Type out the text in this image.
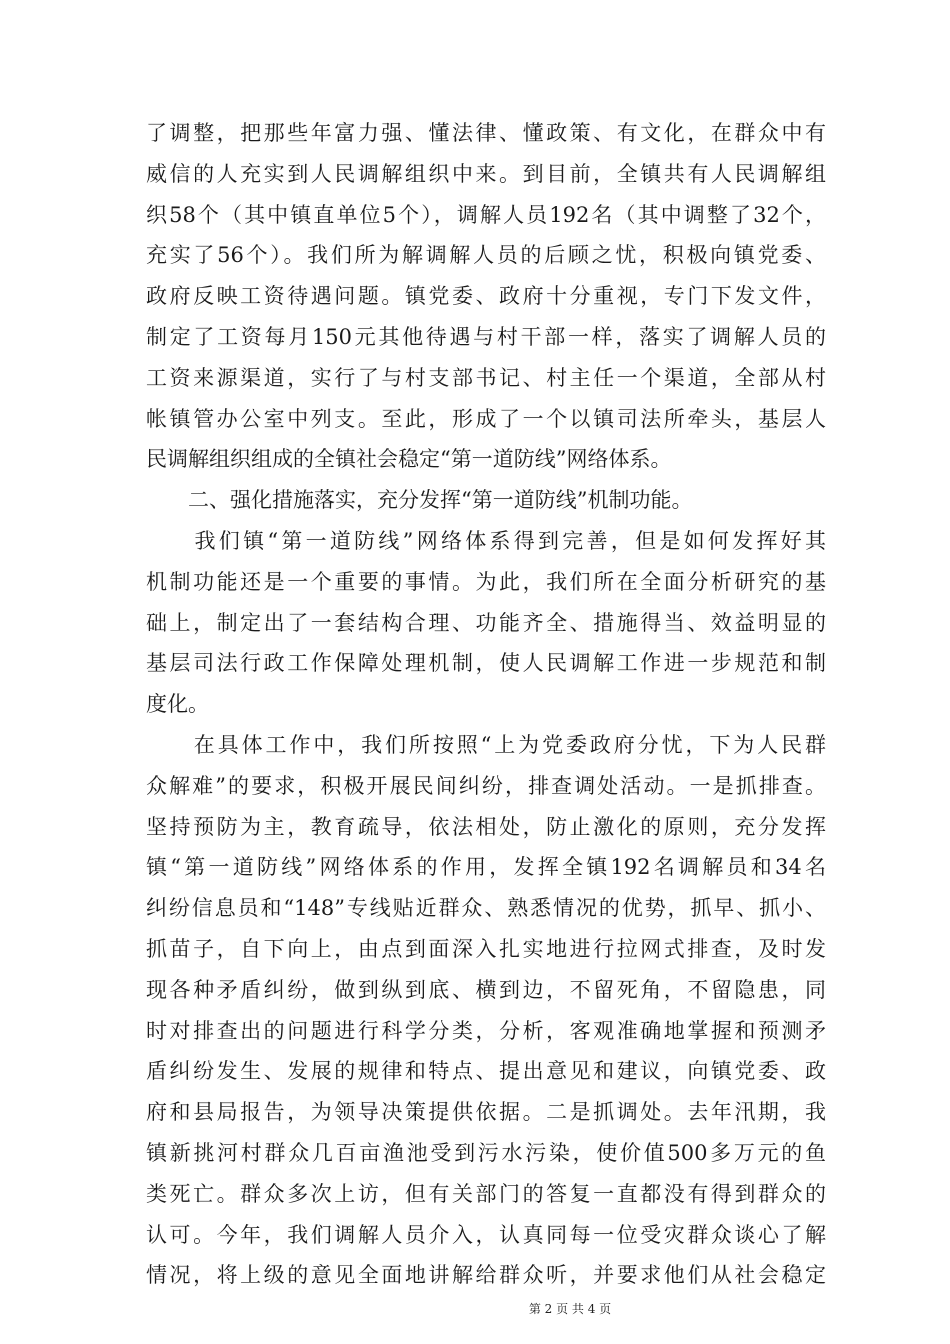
了调整，把那些年富力强、懂法律、懂政策、有文化，在群众中有
威信的人充实到人民调解组织中来。到目前，全镇共有人民调解组
织58个（其中镇直单位5个），调解人员192名（其中调整了32个，
充实了56个）。我们所为解调解人员的后顾之忧，积极向镇党委、
政府反映工资待遇问题。镇党委、政府十分重视，专门下发文件，
制定了工资每月150元其他待遇与村干部一样，落实了调解人员的
工资来源渠道，实行了与村支部书记、村主任一个渠道，全部从村
帐镇管办公室中列支。至此，形成了一个以镇司法所牵头，基层人
民调解组织组成的全镇社会稳定“第一道防线”网络体系。
　　二、强化措施落实，充分发挥“第一道防线”机制功能。
　　我们镇“第一道防线”网络体系得到完善，但是如何发挥好其
机制功能还是一个重要的事情。为此，我们所在全面分析研究的基
础上，制定出了一套结构合理、功能齐全、措施得当、效益明显的
基层司法行政工作保障处理机制，使人民调解工作进一步规范和制
度化。
　　在具体工作中，我们所按照“上为党委政府分忧，下为人民群
众解难”的要求，积极开展民间纠纷，排查调处活动。一是抓排查。
坚持预防为主，教育疏导，依法相处，防止激化的原则，充分发挥
镇“第一道防线”网络体系的作用，发挥全镇192名调解员和34名
纠纷信息员和“148”专线贴近群众、熟悉情况的优势，抓早、抓小、
抓苗子，自下向上，由点到面深入扎实地进行拉网式排查，及时发
现各种矛盾纠纷，做到纵到底、横到边，不留死角，不留隐患，同
时对排查出的问题进行科学分类，分析，客观准确地掌握和预测矛
盾纠纷发生、发展的规律和特点、提出意见和建议，向镇党委、政
府和县局报告，为领导决策提供依据。二是抓调处。去年汛期，我
镇新挑河村群众几百亩渔池受到污水污染，使价值500多万元的鱼
类死亡。群众多次上访，但有关部门的答复一直都没有得到群众的
认可。今年，我们调解人员介入，认真同每一位受灾群众谈心了解
情况，将上级的意见全面地讲解给群众听，并要求他们从社会稳定
第 2 页 共 4 页
